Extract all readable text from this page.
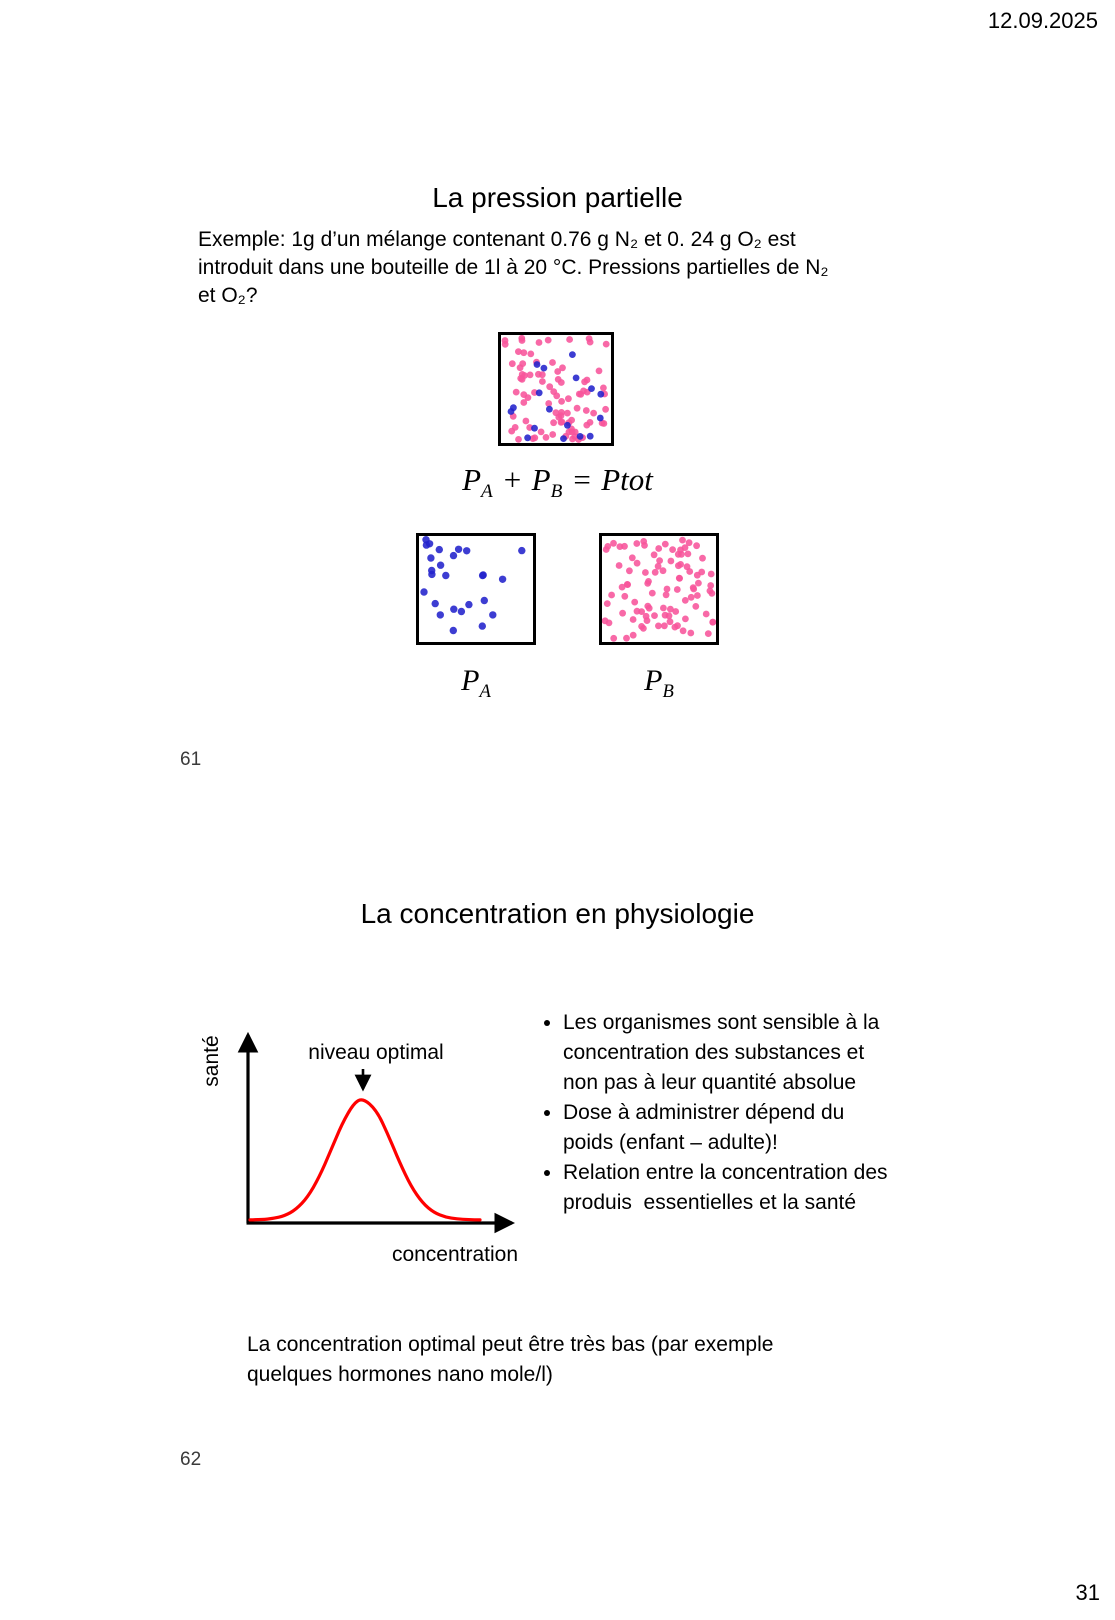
12.09.2025
31
La pression partielle
Exemple: 1g d’un mélange contenant 0.76 g N₂ et 0. 24 g O₂ est
introduit dans une bouteille de 1l à 20 °C. Pressions partielles de N₂
et O₂?
$P_A + P_B$ = Ptot
$P_A$	$P_B$
61
La concentration en physiologie
niveau optimal
santé
concentration
• Les organismes sont sensible à la concentration des substances et non pas à leur quantité absolue
• Dose à administrer dépend du poids (enfant – adulte)!
• Relation entre la concentration des produis  essentielles et la santé
La concentration optimal peut être très bas (par exemple
quelques hormones nano mole/l)
62
